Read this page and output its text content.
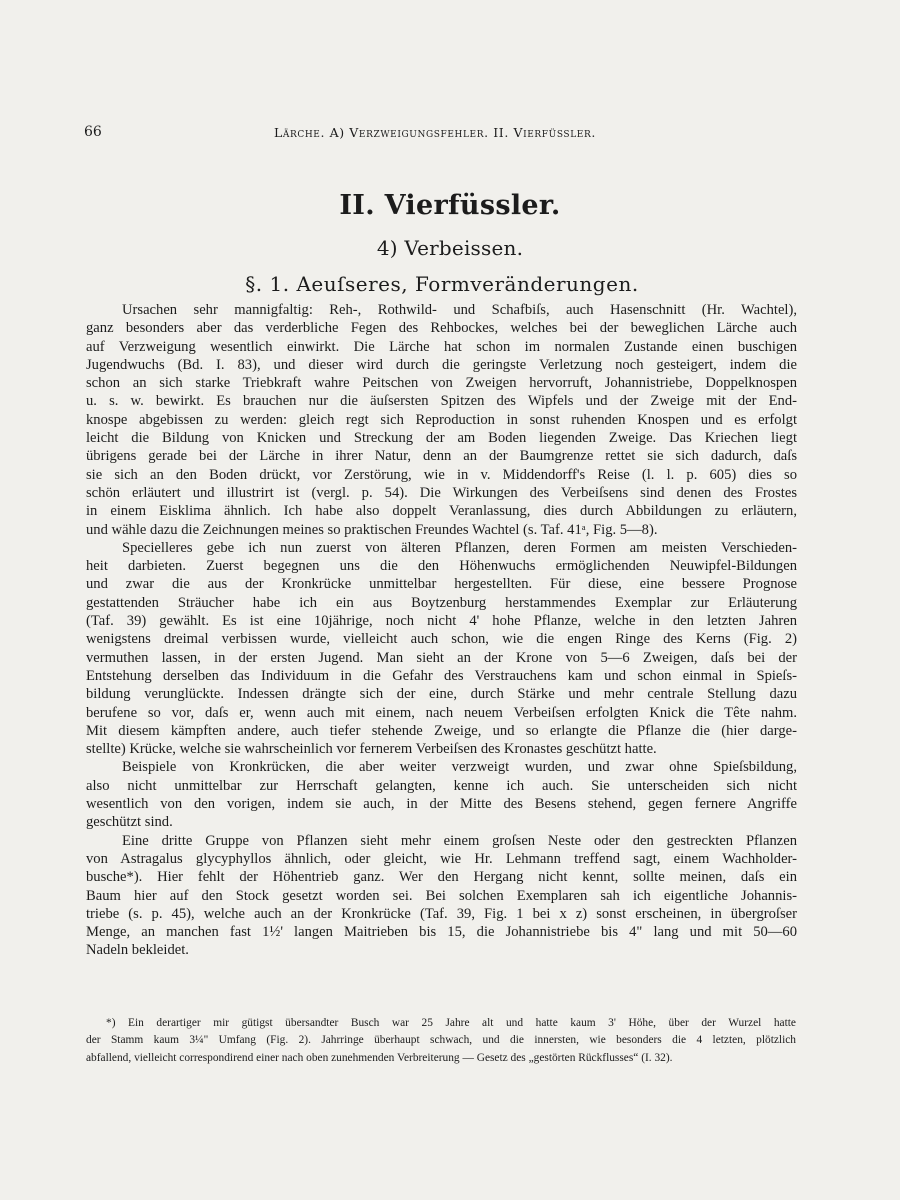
66	Lärche. A) Verzweigungsfehler. II. Vierfüssler.
II. Vierfüssler.
4) Verbeissen.
§. 1. Aeuſseres, Formveränderungen.
Ursachen sehr mannigfaltig: Reh-, Rothwild- und Schafbiſs, auch Hasenschnitt (Hr. Wachtel),
ganz besonders aber das verderbliche Fegen des Rehbockes, welches bei der beweglichen Lärche auch
auf Verzweigung wesentlich einwirkt. Die Lärche hat schon im normalen Zustande einen buschigen
Jugendwuchs (Bd. I. 83), und dieser wird durch die geringste Verletzung noch gesteigert, indem die
schon an sich starke Triebkraft wahre Peitschen von Zweigen hervorruft, Johannistriebe, Doppelknospen
u. s. w. bewirkt. Es brauchen nur die äuſsersten Spitzen des Wipfels und der Zweige mit der End-
knospe abgebissen zu werden: gleich regt sich Reproduction in sonst ruhenden Knospen und es erfolgt
leicht die Bildung von Knicken und Streckung der am Boden liegenden Zweige. Das Kriechen liegt
übrigens gerade bei der Lärche in ihrer Natur, denn an der Baumgrenze rettet sie sich dadurch, daſs
sie sich an den Boden drückt, vor Zerstörung, wie in v. Middendorff's Reise (l. l. p. 605) dies so
schön erläutert und illustrirt ist (vergl. p. 54). Die Wirkungen des Verbeiſsens sind denen des Frostes
in einem Eisklima ähnlich. Ich habe also doppelt Veranlassung, dies durch Abbildungen zu erläutern,
und wähle dazu die Zeichnungen meines so praktischen Freundes Wachtel (s. Taf. 41ᵃ, Fig. 5—8).
Specielleres gebe ich nun zuerst von älteren Pflanzen, deren Formen am meisten Verschieden-
heit darbieten. Zuerst begegnen uns die den Höhenwuchs ermöglichenden Neuwipfel-Bildungen
und zwar die aus der Kronkrücke unmittelbar hergestellten. Für diese, eine bessere Prognose
gestattenden Sträucher habe ich ein aus Boytzenburg herstammendes Exemplar zur Erläuterung
(Taf. 39) gewählt. Es ist eine 10jährige, noch nicht 4' hohe Pflanze, welche in den letzten Jahren
wenigstens dreimal verbissen wurde, vielleicht auch schon, wie die engen Ringe des Kerns (Fig. 2)
vermuthen lassen, in der ersten Jugend. Man sieht an der Krone von 5—6 Zweigen, daſs bei der
Entstehung derselben das Individuum in die Gefahr des Verstrauchens kam und schon einmal in Spieſs-
bildung verunglückte. Indessen drängte sich der eine, durch Stärke und mehr centrale Stellung dazu
berufene so vor, daſs er, wenn auch mit einem, nach neuem Verbeiſsen erfolgten Knick die Tête nahm.
Mit diesem kämpften andere, auch tiefer stehende Zweige, und so erlangte die Pflanze die (hier darge-
stellte) Krücke, welche sie wahrscheinlich vor fernerem Verbeiſsen des Kronastes geschützt hatte.
Beispiele von Kronkrücken, die aber weiter verzweigt wurden, und zwar ohne Spieſsbildung,
also nicht unmittelbar zur Herrschaft gelangten, kenne ich auch. Sie unterscheiden sich nicht
wesentlich von den vorigen, indem sie auch, in der Mitte des Besens stehend, gegen fernere Angriffe
geschützt sind.
Eine dritte Gruppe von Pflanzen sieht mehr einem groſsen Neste oder den gestreckten Pflanzen
von Astragalus glycyphyllos ähnlich, oder gleicht, wie Hr. Lehmann treffend sagt, einem Wachholder-
busche*). Hier fehlt der Höhentrieb ganz. Wer den Hergang nicht kennt, sollte meinen, daſs ein
Baum hier auf den Stock gesetzt worden sei. Bei solchen Exemplaren sah ich eigentliche Johannis-
triebe (s. p. 45), welche auch an der Kronkrücke (Taf. 39, Fig. 1 bei x z) sonst erscheinen, in übergroſser
Menge, an manchen fast 1½' langen Maitrieben bis 15, die Johannistriebe bis 4" lang und mit 50—60
Nadeln bekleidet.
*) Ein derartiger mir gütigst übersandter Busch war 25 Jahre alt und hatte kaum 3' Höhe, über der Wurzel hatte
der Stamm kaum 3¼" Umfang (Fig. 2). Jahrringe überhaupt schwach, und die innersten, wie besonders die 4 letzten, plötzlich
abfallend, vielleicht correspondirend einer nach oben zunehmenden Verbreiterung — Gesetz des „gestörten Rückflusses“ (I. 32).
